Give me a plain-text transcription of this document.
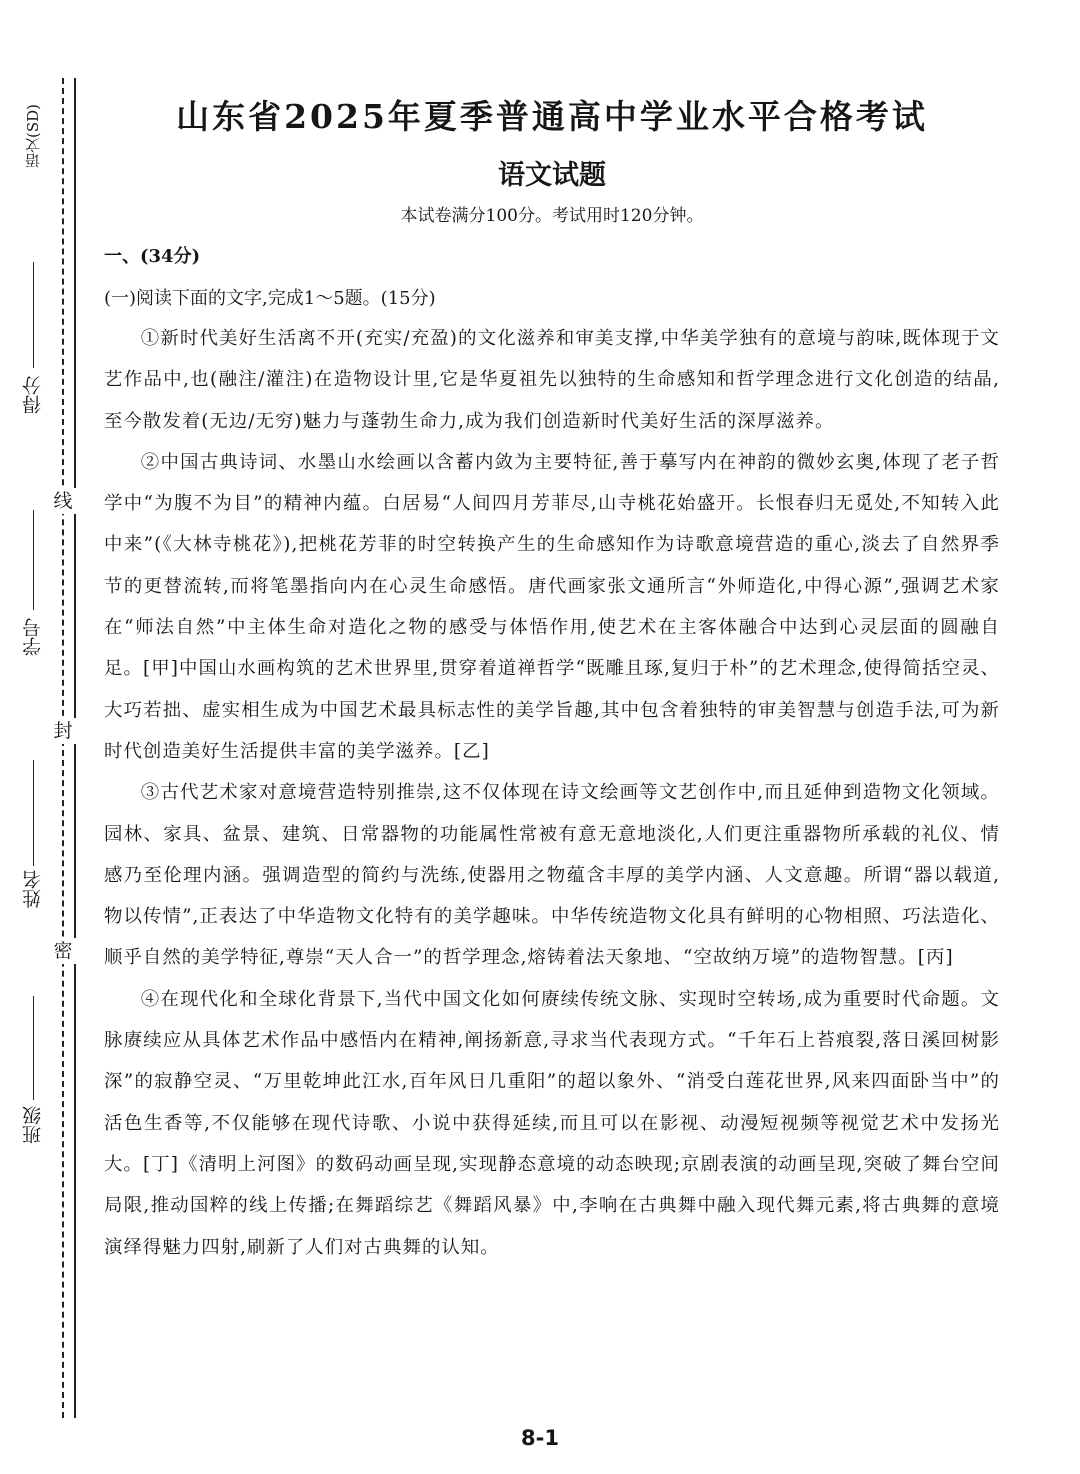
线
封
密
语文(SD)
得分
学号
姓名
班级
山东省2025年夏季普通高中学业水平合格考试
语文试题
本试卷满分100分。考试用时120分钟。
一、(34分)
(一)阅读下面的文字,完成1～5题。(15分)

①新时代美好生活离不开(充实/充盈)的文化滋养和审美支撑,中华美学独有的意境与韵味,既体现于文艺作品中,也(融注/灌注)在造物设计里,它是华夏祖先以独特的生命感知和哲学理念进行文化创造的结晶,至今散发着(无边/无穷)魅力与蓬勃生命力,成为我们创造新时代美好生活的深厚滋养。

②中国古典诗词、水墨山水绘画以含蓄内敛为主要特征,善于摹写内在神韵的微妙玄奥,体现了老子哲学中“为腹不为目”的精神内蕴。白居易“人间四月芳菲尽,山寺桃花始盛开。长恨春归无觅处,不知转入此中来”(《大林寺桃花》),把桃花芳菲的时空转换产生的生命感知作为诗歌意境营造的重心,淡去了自然界季节的更替流转,而将笔墨指向内在心灵生命感悟。唐代画家张文通所言“外师造化,中得心源”,强调艺术家在“师法自然”中主体生命对造化之物的感受与体悟作用,使艺术在主客体融合中达到心灵层面的圆融自足。[甲]中国山水画构筑的艺术世界里,贯穿着道禅哲学“既雕且琢,复归于朴”的艺术理念,使得简括空灵、大巧若拙、虚实相生成为中国艺术最具标志性的美学旨趣,其中包含着独特的审美智慧与创造手法,可为新时代创造美好生活提供丰富的美学滋养。[乙]

③古代艺术家对意境营造特别推崇,这不仅体现在诗文绘画等文艺创作中,而且延伸到造物文化领域。园林、家具、盆景、建筑、日常器物的功能属性常被有意无意地淡化,人们更注重器物所承载的礼仪、情感乃至伦理内涵。强调造型的简约与洗练,使器用之物蕴含丰厚的美学内涵、人文意趣。所谓“器以载道,物以传情”,正表达了中华造物文化特有的美学趣味。中华传统造物文化具有鲜明的心物相照、巧法造化、顺乎自然的美学特征,尊崇“天人合一”的哲学理念,熔铸着法天象地、“空故纳万境”的造物智慧。[丙]

④在现代化和全球化背景下,当代中国文化如何赓续传统文脉、实现时空转场,成为重要时代命题。文脉赓续应从具体艺术作品中感悟内在精神,阐扬新意,寻求当代表现方式。“千年石上苔痕裂,落日溪回树影深”的寂静空灵、“万里乾坤此江水,百年风日几重阳”的超以象外、“消受白莲花世界,风来四面卧当中”的活色生香等,不仅能够在现代诗歌、小说中获得延续,而且可以在影视、动漫短视频等视觉艺术中发扬光大。[丁]《清明上河图》的数码动画呈现,实现静态意境的动态映现;京剧表演的动画呈现,突破了舞台空间局限,推动国粹的线上传播;在舞蹈综艺《舞蹈风暴》中,李响在古典舞中融入现代舞元素,将古典舞的意境演绎得魅力四射,刷新了人们对古典舞的认知。

8-1
